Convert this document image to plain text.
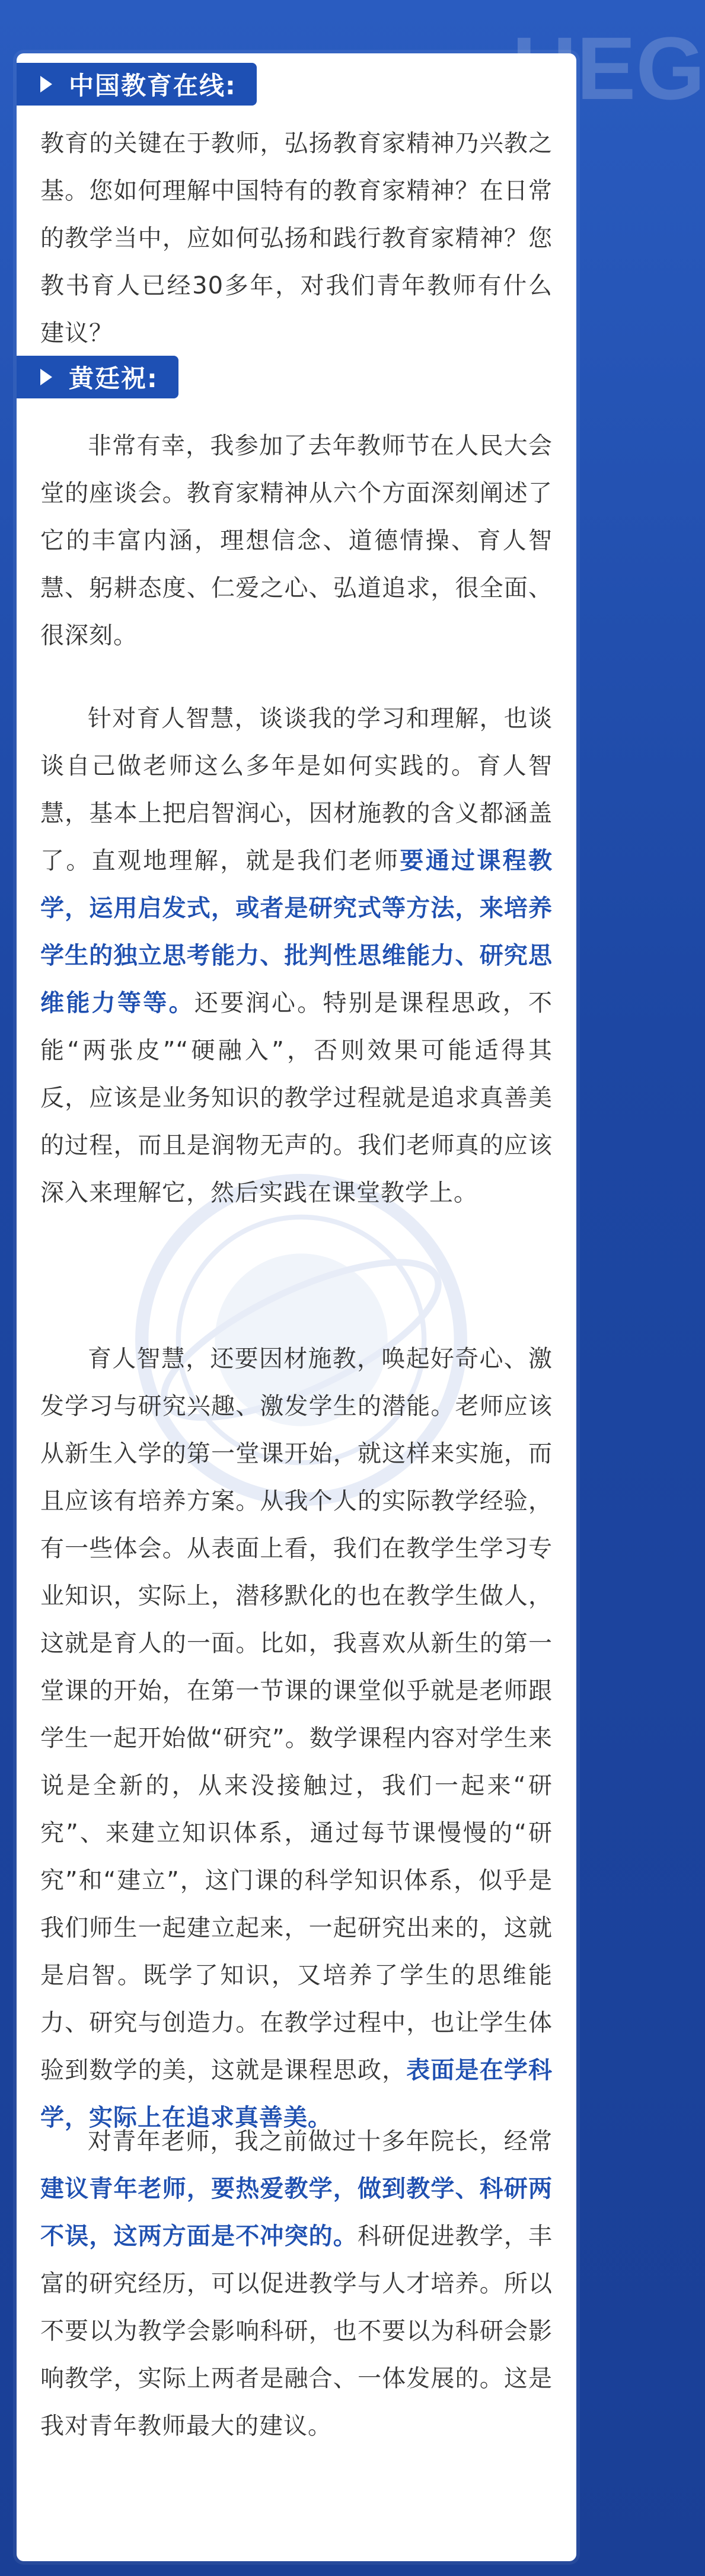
UEG
中国教育在线:

教育的关键在于教师，弘扬教育家精神乃兴教之基。您如何理解中国特有的教育家精神？在日常的教学当中，应如何弘扬和践行教育家精神？您教书育人已经30多年，对我们青年教师有什么建议？

黄廷祝:

非常有幸，我参加了去年教师节在人民大会堂的座谈会。教育家精神从六个方面深刻阐述了它的丰富内涵，理想信念、道德情操、育人智慧、躬耕态度、仁爱之心、弘道追求，很全面、很深刻。

针对育人智慧，谈谈我的学习和理解，也谈谈自己做老师这么多年是如何实践的。育人智慧，基本上把启智润心，因材施教的含义都涵盖了。直观地理解，就是我们老师要通过课程教学，运用启发式，或者是研究式等方法，来培养学生的独立思考能力、批判性思维能力、研究思维能力等等。还要润心。特别是课程思政，不能“两张皮”“硬融入”，否则效果可能适得其反，应该是业务知识的教学过程就是追求真善美的过程，而且是润物无声的。我们老师真的应该深入来理解它，然后实践在课堂教学上。

育人智慧，还要因材施教，唤起好奇心、激发学习与研究兴趣、激发学生的潜能。老师应该从新生入学的第一堂课开始，就这样来实施，而且应该有培养方案。从我个人的实际教学经验，有一些体会。从表面上看，我们在教学生学习专业知识，实际上，潜移默化的也在教学生做人，这就是育人的一面。比如，我喜欢从新生的第一堂课的开始，在第一节课的课堂似乎就是老师跟学生一起开始做“研究”。数学课程内容对学生来说是全新的，从来没接触过，我们一起来“研究”、来建立知识体系，通过每节课慢慢的“研究”和“建立”，这门课的科学知识体系，似乎是我们师生一起建立起来，一起研究出来的，这就是启智。既学了知识，又培养了学生的思维能力、研究与创造力。在教学过程中，也让学生体验到数学的美，这就是课程思政，表面是在学科学，实际上在追求真善美。

对青年老师，我之前做过十多年院长，经常建议青年老师，要热爱教学，做到教学、科研两不误，这两方面是不冲突的。科研促进教学，丰富的研究经历，可以促进教学与人才培养。所以不要以为教学会影响科研，也不要以为科研会影响教学，实际上两者是融合、一体发展的。这是我对青年教师最大的建议。
